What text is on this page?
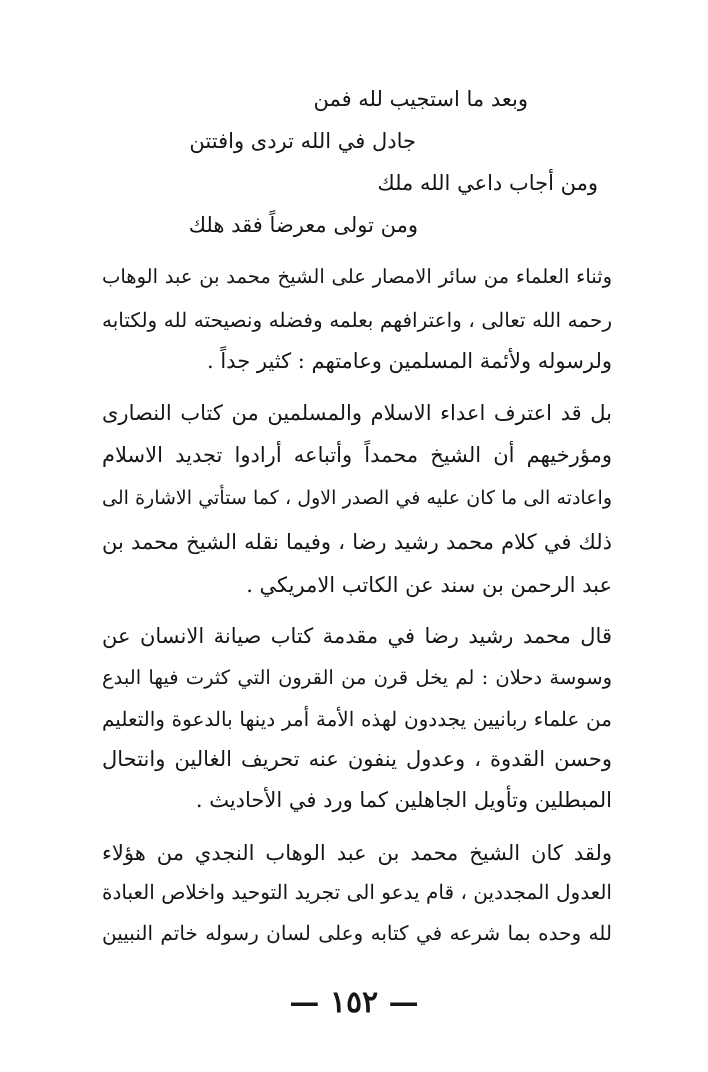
وبعد ما استجيب لله فمن
جادل في الله تردى وافتتن
ومن أجاب داعي الله ملك
ومن تولى معرضاً فقد هلك
وثناء العلماء من سائر الامصار على الشيخ محمد بن عبد الوهاب
رحمه الله تعالى ، واعترافهم بعلمه وفضله ونصيحته لله ولكتابه
ولرسوله ولأئمة المسلمين وعامتهم : كثير جداً .
بل قد اعترف اعداء الاسلام والمسلمين من كتاب النصارى
ومؤرخيهم أن الشيخ محمداً وأتباعه أرادوا تجديد الاسلام
واعادته الى ما كان عليه في الصدر الاول ، كما ستأتي الاشارة الى
ذلك في كلام محمد رشيد رضا ، وفيما نقله الشيخ محمد بن
عبد الرحمن بن سند عن الكاتب الامريكي .
قال محمد رشيد رضا في مقدمة كتاب صيانة الانسان عن
وسوسة دحلان : لم يخل قرن من القرون التي كثرت فيها البدع
من علماء ربانيين يجددون لهذه الأمة أمر دينها بالدعوة والتعليم
وحسن القدوة ، وعدول ينفون عنه تحريف الغالين وانتحال
المبطلين وتأويل الجاهلين كما ورد في الأحاديث .
ولقد كان الشيخ محمد بن عبد الوهاب النجدي من هؤلاء
العدول المجددين ، قام يدعو الى تجريد التوحيد واخلاص العبادة
لله وحده بما شرعه في كتابه وعلى لسان رسوله خاتم النبيين
— ١٥٢ —
